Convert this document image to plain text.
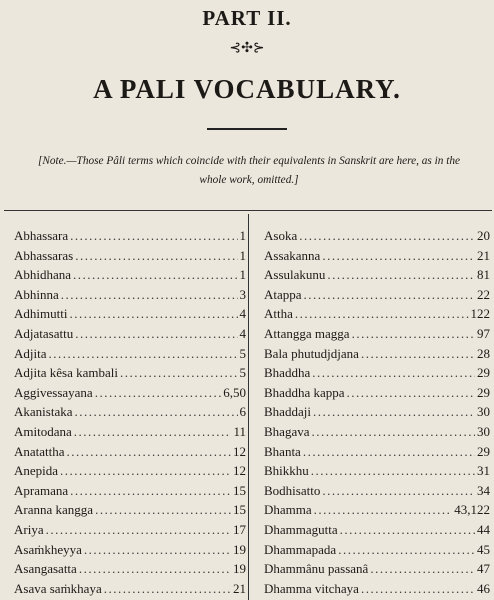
PART II.
⊰✣⊱
A PALI VOCABULARY.
[Note.—Those Pâli terms which coincide with their equivalents in Sanskrit are here, as in the whole work, omitted.]
Abhassara .....	1
Abhassaras .....	1
Abhidhana .....	1
Abhinna .....	3
Adhimutti .....	4
Adjatasattu .....	4
Adjita .....	5
Adjita kêsa kambali .....	5
Aggivessayana .....	6,50
Akanistaka .....	6
Amitodana .....	11
Anatattha .....	12
Anepida .....	12
Apramana .....	15
Aranna kangga .....	15
Ariya .....	17
Asaṁkheyya .....	19
Asangasatta .....	19
Asava saṁkhaya .....	21
Asoka .....	20
Assakanna .....	21
Assulakunu .....	81
Atappa .....	22
Attha .....	122
Attangga magga .....	97
Bala phutudjdjana .....	28
Bhaddha .....	29
Bhaddha kappa .....	29
Bhaddaji .....	30
Bhagava .....	30
Bhanta .....	29
Bhikkhu .....	31
Bodhisatto .....	34
Dhamma .....	43,122
Dhammagutta .....	44
Dhammapada .....	45
Dhammânu passanâ .....	47
Dhamma vitchaya .....	46
